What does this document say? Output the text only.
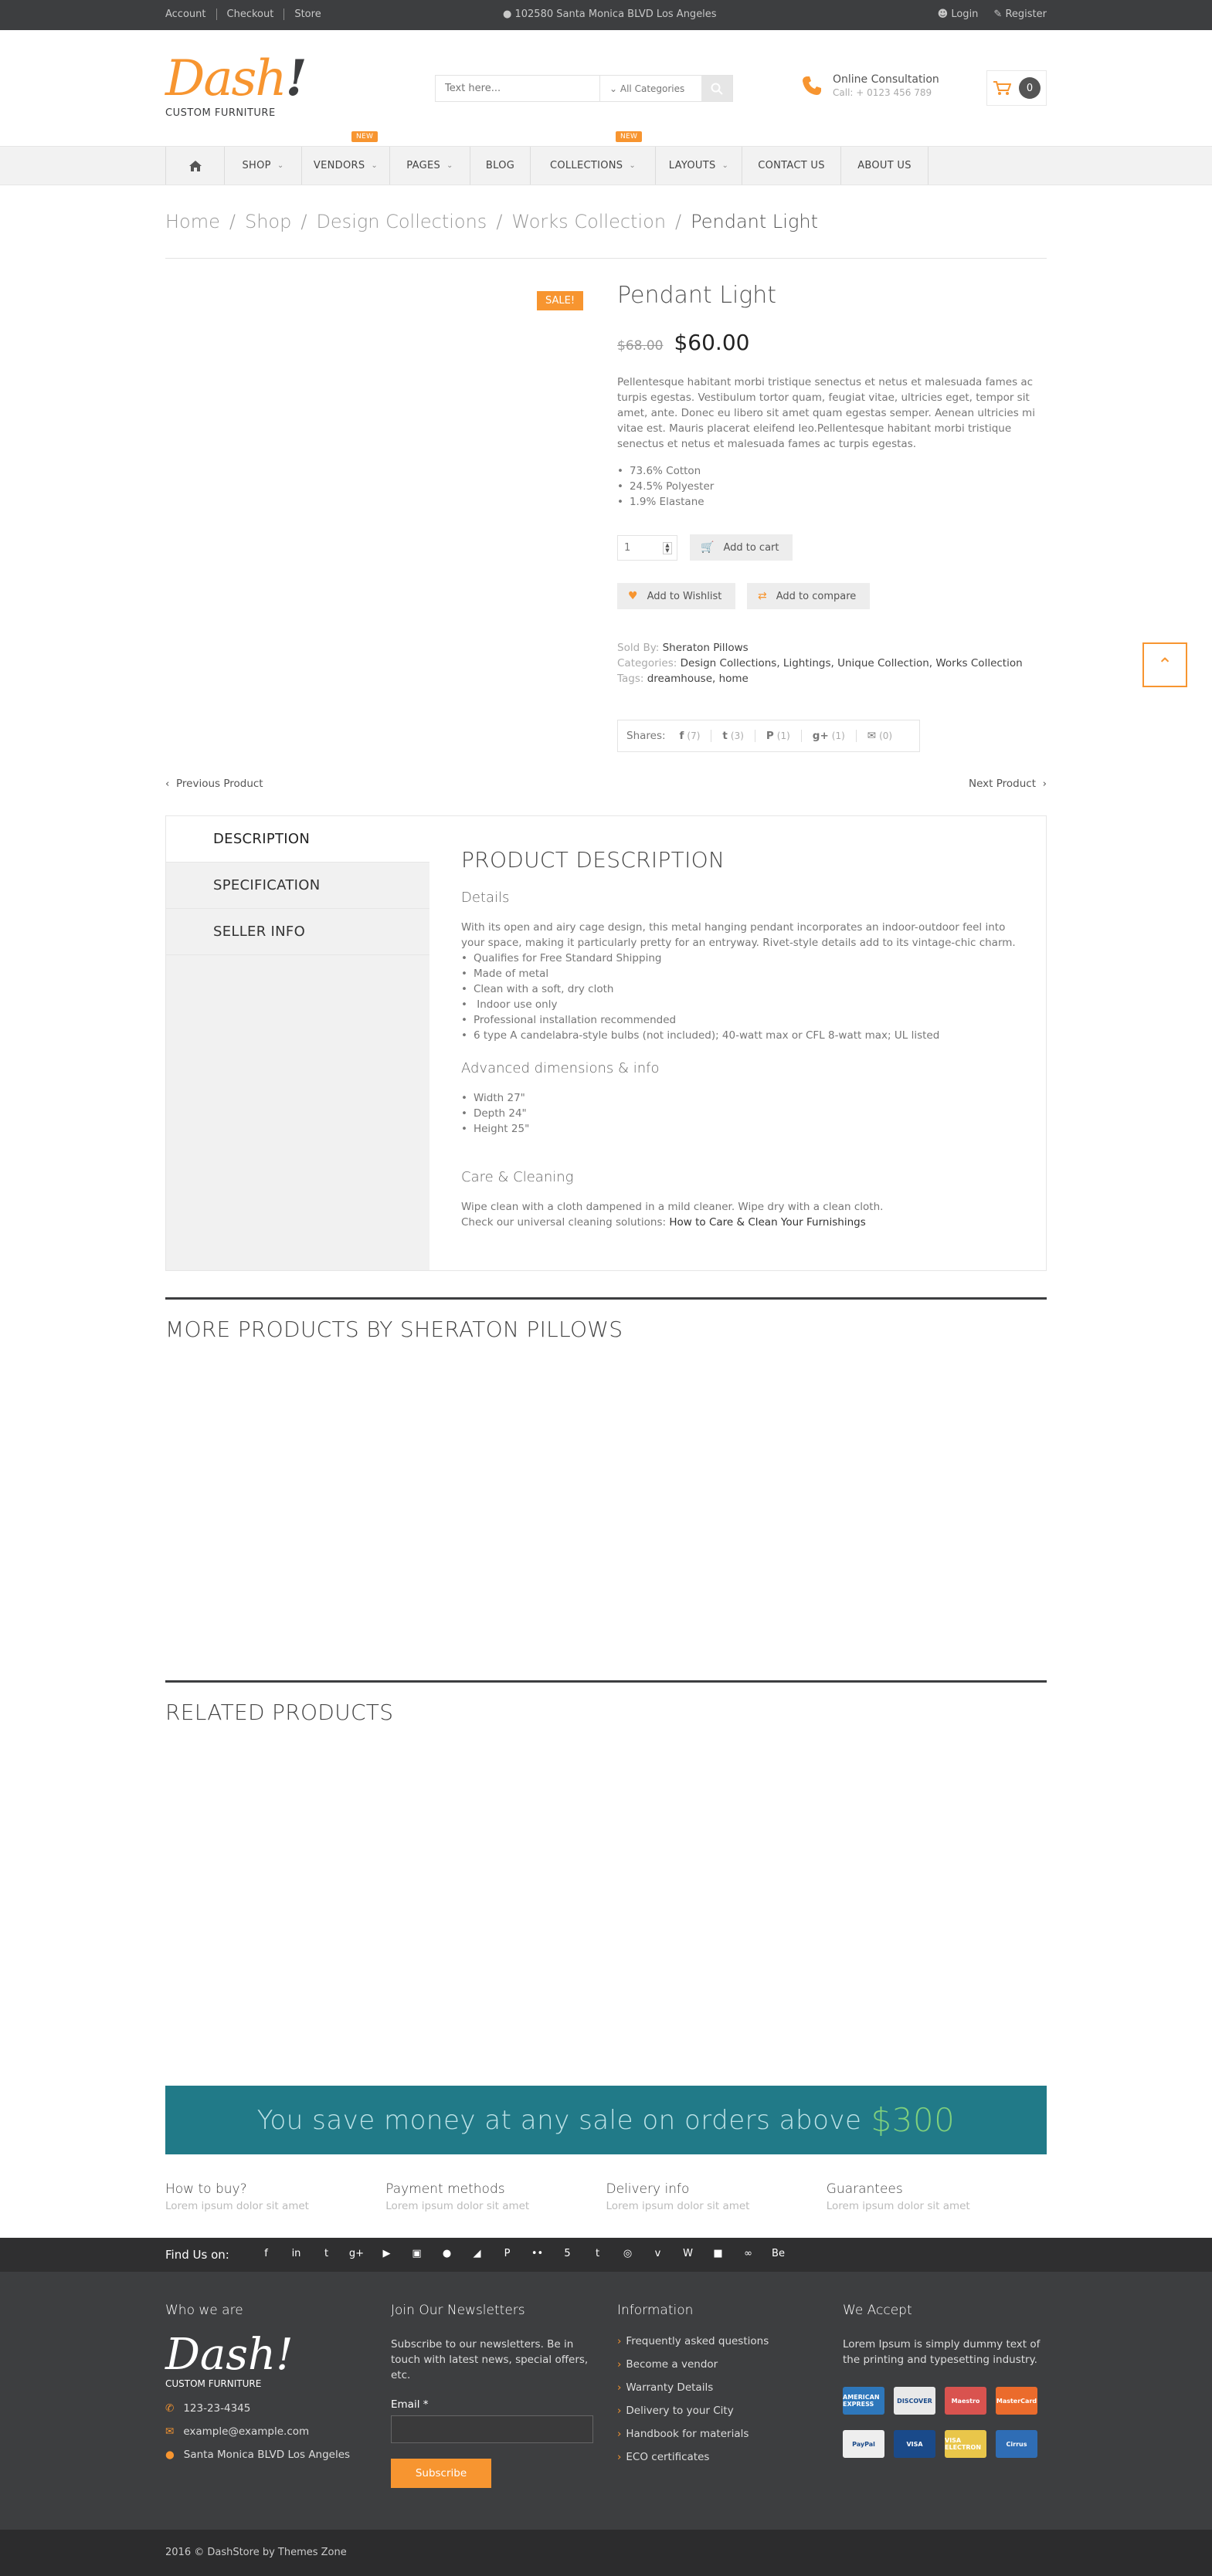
Account	Checkout	Store	● 102580 Santa Monica BLVD Los Angeles	☻ Login ✎ Register
Dash!
CUSTOM FURNITURE
Text here...
⌄ All Categories
Online Consultation
Call: + 0123 456 789	0
SHOP ⌄
NEW
VENDORS ⌄	PAGES ⌄	BLOG
NEW
COLLECTIONS ⌄	LAYOUTS ⌄	CONTACT US	ABOUT US
Home / Shop / Design Collections / Works Collection / Pendant Light
SALE!	Pendant Light
$68.00 $60.00
Pellentesque habitant morbi tristique senectus et netus et malesuada fames ac turpis egestas. Vestibulum tortor quam, feugiat vitae, ultricies eget, tempor sit amet, ante. Donec eu libero sit amet quam egestas semper. Aenean ultricies mi vitae est. Mauris placerat eleifend leo.Pellentesque habitant morbi tristique senectus et netus et malesuada fames ac turpis egestas.
• 73.6% Cotton
• 24.5% Polyester
• 1.9% Elastane
1	▲
▼	🛒 Add to cart
♥ Add to Wishlist	⇄ Add to compare
Sold By: Sheraton Pillows
Categories: Design Collections, Lightings, Unique Collection, Works Collection
Tags: dreamhouse, home
Shares: f (7) t (3) P (1) g+ (1) ✉ (0)
‹ Previous Product	Next Product ›
DESCRIPTION
SPECIFICATION
SELLER INFO
PRODUCT DESCRIPTION
Details
With its open and airy cage design, this metal hanging pendant incorporates an indoor-outdoor feel into your space, making it particularly pretty for an entryway. Rivet-style details add to its vintage-chic charm.
• Qualifies for Free Standard Shipping
• Made of metal
• Clean with a soft, dry cloth
• Indoor use only
• Professional installation recommended
• 6 type A candelabra-style bulbs (not included); 40-watt max or CFL 8-watt max; UL listed
Advanced dimensions & info
• Width 27"
• Depth 24"
• Height 25"
Care & Cleaning
Wipe clean with a cloth dampened in a mild cleaner. Wipe dry with a clean cloth.
Check our universal cleaning solutions: How to Care & Clean Your Furnishings
MORE PRODUCTS BY SHERATON PILLOWS
RELATED PRODUCTS
You save money at any sale on orders above $300
How to buy?
Lorem ipsum dolor sit amet
Payment methods
Lorem ipsum dolor sit amet
Delivery info
Lorem ipsum dolor sit amet
Guarantees
Lorem ipsum dolor sit amet
Find Us on:	f	in	t	g+	▶	▣	●	◢	P	••	5	t	◎	v	W	■	∞	Be
Who we are
Dash!
CUSTOM FURNITURE
✆ 123-23-4345
✉ example@example.com
● Santa Monica BLVD Los Angeles
Join Our Newsletters
Subscribe to our newsletters. Be in touch with latest news, special offers, etc.
Email *
Subscribe
Information
› Frequently asked questions
› Become a vendor
› Warranty Details
› Delivery to your City
› Handbook for materials
› ECO certificates
We Accept
Lorem Ipsum is simply dummy text of the printing and typesetting industry.
AMERICAN EXPRESS	DISCOVER	Maestro	MasterCard
PayPal	VISA	VISA ELECTRON	Cirrus
2016 © DashStore by Themes Zone
⌃
